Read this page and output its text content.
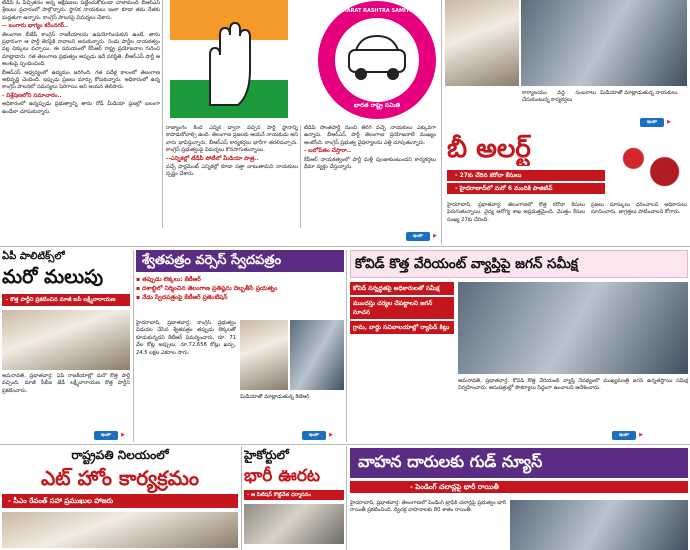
టీడీపీ ఓ పిచ్చితనం అన్న ఆక్షేపణలు పట్టించుకోకుండా చాలామంది బీఆర్ఎస్ శ్రేణులు ప్రచారంలో పాల్గొన్నారు. స్థానిక నాయకులు ఇంకా కూడా తమ నేతకు మద్దతుగా ఉన్నారు. కాంగ్రెస్ పాలనపై విమర్శలు చేశారు.

-- బంగారు భాగ్యం కరీంనగర్..

తెలంగాణ బీజేపీ కాంగ్రెస్ రాజకీయాలను ఉపయోగించుకుని ఉంటే, తాను ప్రధానంగా ఆ పార్టీ తెరపైకి రావాలని అనుకున్నారు. రెండు పార్టీల నాయకత్వం వల్ల చిక్కులు వచ్చాయి. ఈ సమయంలో కేసీఆర్ రాష్ట్ర ప్రయోజనాల గురించి మాట్లాడారు. గత తెలంగాణ ప్రభుత్వం అప్పుడు ఇదే పరిస్థితి. బీఆర్ఎస్ పార్టీ ఆ అంశంపై స్పందించింది.

బీఆర్ఎస్ ఆధ్వర్యంలో ఉద్యమం జరిగింది. గత పదేళ్ల కాలంలో తెలంగాణ అభివృద్ధి చెందింది. ఇప్పుడు ప్రజలు మార్పు కోరుకున్నారు. అధికారంలో ఉన్న కాంగ్రెస్ పాలనలో సమస్యలు పెరిగాయి అని ఆయన తెలిపారు.

- విశ్లేషణలోని సమాచారం..

అధికారంలో ఉన్నప్పుడు ప్రభుత్వాన్ని తాను రోడ్ మీడియా ప్రజల్లో బలంగా ఉండేలా చూసుకున్నారు.

BHARAT RASHTRA SAMITHI
భారత రాష్ట్ర సమితి

రాజ్యాంగం కింద ఎన్నిక ద్వారా వచ్చిన పార్టీ స్థానాన్ని కాపాడుకోవాల్సి ఉంది. తెలంగాణ ప్రజలకు ఆయనే నాయకుడు అని వారు భావిస్తున్నారు. బీఆర్ఎస్ కార్యకర్తలు భారీగా తరలివచ్చారు. కాంగ్రెస్ ప్రభుత్వంపై విమర్శలు కొనసాగుతున్నాయి.

--ఎన్నికల్లో టీడీపీ పోటీలో మీడియా పాత్ర..

వచ్చే పార్లమెంట్ ఎన్నికల్లో కూడా సత్తా చాటుతామని నాయకులు స్పష్టం చేశారు.

టీడీపీ సొంతపార్టీ నుంచి తిరిగి వచ్చే నాయకులు ఎక్కువగా ఉన్నారు. బీఆర్ఎస్ పార్టీ తెలంగాణ ప్రయోజనాలే ముఖ్యం అంటోంది. కాంగ్రెస్ ప్రభుత్వ వైఫల్యాలను ఎత్తి చూపుతున్నారు.

- బలోపేతం చేస్తారా..

కేసీఆర్ నాయకత్వంలో పార్టీ మళ్లీ పుంజుకుంటుందని కార్యకర్తలు ధీమా వ్యక్తం చేస్తున్నారు.

ఇంకా ▶
కార్యాలయం వద్ద సంబరాలు చేసుకుంటున్న కార్యకర్తలు
మీడియాతో మాట్లాడుతున్న నాయకులు
ఇంకా ▶
బీ అలర్ట్
- 27కు చేరిన కరోనా కేసులు
- హైదరాబాద్‌లో మరో 6 మందికి పాజిటివ్
హైదరాబాద్, ప్రభాతవార్త: తెలంగాణలో కొత్త కరోనా కేసులు పెరుగుతున్నాయి. వైద్య ఆరోగ్య శాఖ అప్రమత్తమైంది. మొత్తం కేసుల సంఖ్య 27కు చేరింది.
ప్రజలు మాస్కులు ధరించాలని అధికారులు సూచించారు. జాగ్రత్తలు పాటించాలని కోరారు.
ఏపీ పాలిటిక్స్‌లో
మరో మలుపు
- కొత్త పార్టీని ప్రకటించిన మాజీ ఐపీ లక్ష్మీనారాయణ
అమరావతి, ప్రభాతవార్త: ఏపీ రాజకీయాల్లో మరో కొత్త పార్టీ వచ్చింది. మాజీ సీబీఐ జేడీ లక్ష్మీనారాయణ కొత్త పార్టీని ప్రకటించారు.
ఇంకా ▶
శ్వేతపత్రం వర్సెస్ స్వేదపత్రం
▪ తప్పుడు లెక్కలు: కేటీఆర్
▪ దశాబ్దిలో నిర్మించిన తెలంగాణ ప్రతిష్ఠను దెబ్బతీసే ప్రయత్నం
▪ నేడు స్వేదపత్రంపై కేటీఆర్ ప్రజెంటేషన్
హైదరాబాద్, ప్రభాతవార్త: కాంగ్రెస్ ప్రభుత్వం విడుదల చేసిన శ్వేతపత్రం తప్పుడు లెక్కలతో కూడుకున్నదని కేటీఆర్ విమర్శించారు. రూ. 71 వేల కోట్ల అప్పులు, రూ.72,658 కోట్లు ఖర్చు, 24.5 లక్షల ఎకరాల సాగు.
మీడియాతో మాట్లాడుతున్న కేటీఆర్
ఇంకా ▶
కోవిడ్ కొత్త వేరియంట్ వ్యాప్తిపై జగన్ సమీక్ష
కోవిడ్ సన్నద్ధతపై అధికారులతో సమీక్ష
ముందస్తు చర్యల చేపట్టాలని జగన్ సూచన
గ్రామ, వార్డు సచివాలయాల్లో ర్యాపిడ్ కిట్లు
అమరావతి, ప్రభాతవార్త: కోవిడ్ కొత్త వేరియంట్ వ్యాప్తి నేపథ్యంలో ముఖ్యమంత్రి జగన్ ఉన్నతస్థాయి సమీక్ష నిర్వహించారు. ఆసుపత్రుల్లో సౌకర్యాలు సిద్ధంగా ఉంచాలని ఆదేశించారు.
ఇంకా ▶
రాష్ట్రపతి నిలయంలో
ఎట్ హోం కార్యక్రమం
- సీఎం రేవంత్ సహా ప్రముఖుల హాజరు
హైకోర్టులో
భారీ ఊరట
- ఆ పిటిషన్ కొట్టివేత ధర్మాసనం
వాహన దారులకు గుడ్ న్యూస్
- పెండింగ్ చలాన్లపై భారీ రాయితీ
హైదరాబాద్, ప్రభాతవార్త: తెలంగాణలో పెండింగ్ ట్రాఫిక్ చలాన్లపై ప్రభుత్వం భారీ రాయితీ ప్రకటించింది. ద్విచక్ర వాహనాలకు 80 శాతం రాయితీ.
